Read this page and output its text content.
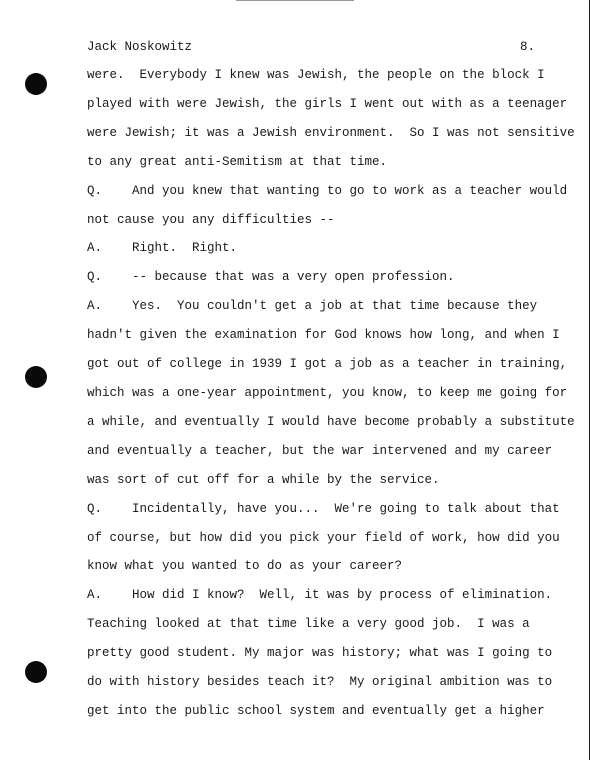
Jack Noskowitz	8.
were.  Everybody I knew was Jewish, the people on the block I
played with were Jewish, the girls I went out with as a teenager
were Jewish; it was a Jewish environment.  So I was not sensitive
to any great anti-Semitism at that time.
Q.    And you knew that wanting to go to work as a teacher would
not cause you any difficulties --
A.    Right.  Right.
Q.    -- because that was a very open profession.
A.    Yes.  You couldn't get a job at that time because they
hadn't given the examination for God knows how long, and when I
got out of college in 1939 I got a job as a teacher in training,
which was a one-year appointment, you know, to keep me going for
a while, and eventually I would have become probably a substitute
and eventually a teacher, but the war intervened and my career
was sort of cut off for a while by the service.
Q.    Incidentally, have you...  We're going to talk about that
of course, but how did you pick your field of work, how did you
know what you wanted to do as your career?
A.    How did I know?  Well, it was by process of elimination.
Teaching looked at that time like a very good job.  I was a
pretty good student. My major was history; what was I going to
do with history besides teach it?  My original ambition was to
get into the public school system and eventually get a higher
